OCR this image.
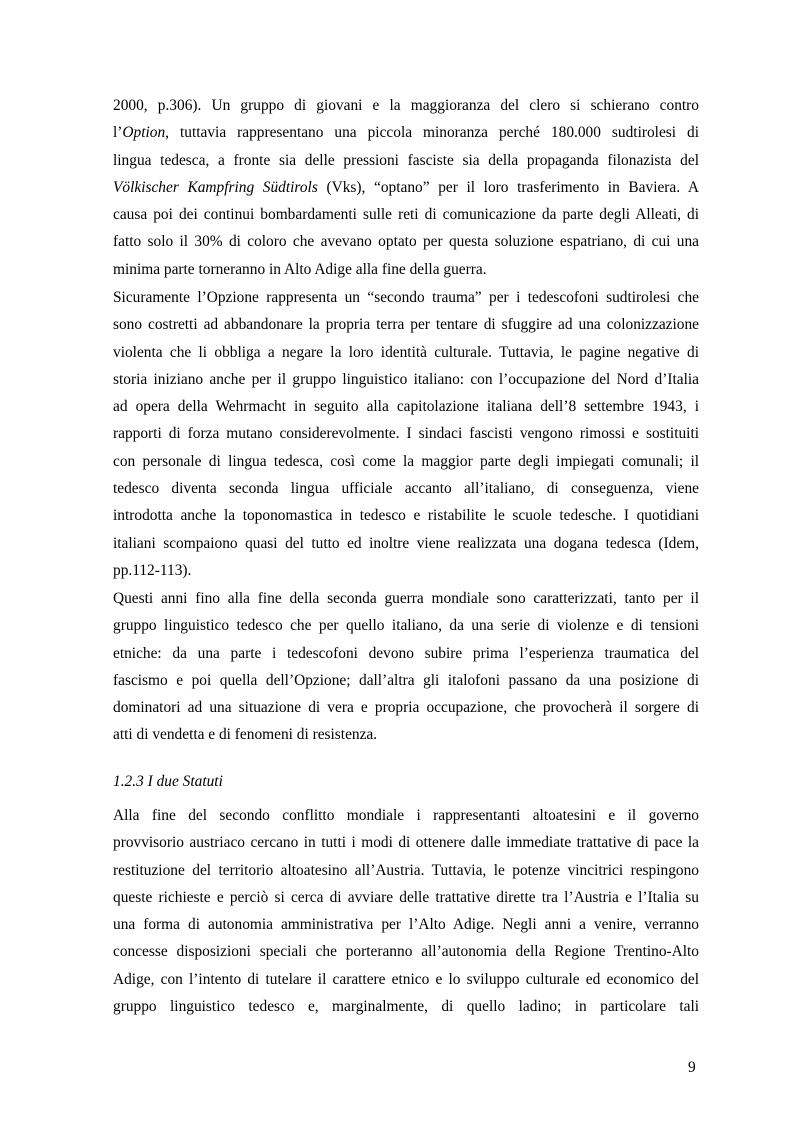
2000, p.306). Un gruppo di giovani e la maggioranza del clero si schierano contro
l’Option, tuttavia rappresentano una piccola minoranza perché 180.000 sudtirolesi di
lingua tedesca, a fronte sia delle pressioni fasciste sia della propaganda filonazista del
Völkischer Kampfring Südtirols (Vks), “optano” per il loro trasferimento in Baviera. A
causa poi dei continui bombardamenti sulle reti di comunicazione da parte degli Alleati, di
fatto solo il 30% di coloro che avevano optato per questa soluzione espatriano, di cui una
minima parte torneranno in Alto Adige alla fine della guerra.
Sicuramente l’Opzione rappresenta un “secondo trauma” per i tedescofoni sudtirolesi che
sono costretti ad abbandonare la propria terra per tentare di sfuggire ad una colonizzazione
violenta che li obbliga a negare la loro identità culturale. Tuttavia, le pagine negative di
storia iniziano anche per il gruppo linguistico italiano: con l’occupazione del Nord d’Italia
ad opera della Wehrmacht in seguito alla capitolazione italiana dell’8 settembre 1943, i
rapporti di forza mutano considerevolmente. I sindaci fascisti vengono rimossi e sostituiti
con personale di lingua tedesca, così come la maggior parte degli impiegati comunali; il
tedesco diventa seconda lingua ufficiale accanto all’italiano, di conseguenza, viene
introdotta anche la toponomastica in tedesco e ristabilite le scuole tedesche. I quotidiani
italiani scompaiono quasi del tutto ed inoltre viene realizzata una dogana tedesca (Idem,
pp.112-113).
Questi anni fino alla fine della seconda guerra mondiale sono caratterizzati, tanto per il
gruppo linguistico tedesco che per quello italiano, da una serie di violenze e di tensioni
etniche: da una parte i tedescofoni devono subire prima l’esperienza traumatica del
fascismo e poi quella dell’Opzione; dall’altra gli italofoni passano da una posizione di
dominatori ad una situazione di vera e propria occupazione, che provocherà il sorgere di
atti di vendetta e di fenomeni di resistenza.
1.2.3 I due Statuti
Alla fine del secondo conflitto mondiale i rappresentanti altoatesini e il governo
provvisorio austriaco cercano in tutti i modi di ottenere dalle immediate trattative di pace la
restituzione del territorio altoatesino all’Austria. Tuttavia, le potenze vincitrici respingono
queste richieste e perciò si cerca di avviare delle trattative dirette tra l’Austria e l’Italia su
una forma di autonomia amministrativa per l’Alto Adige. Negli anni a venire, verranno
concesse disposizioni speciali che porteranno all’autonomia della Regione Trentino-Alto
Adige, con l’intento di tutelare il carattere etnico e lo sviluppo culturale ed economico del
gruppo linguistico tedesco e, marginalmente, di quello ladino; in particolare tali
9
